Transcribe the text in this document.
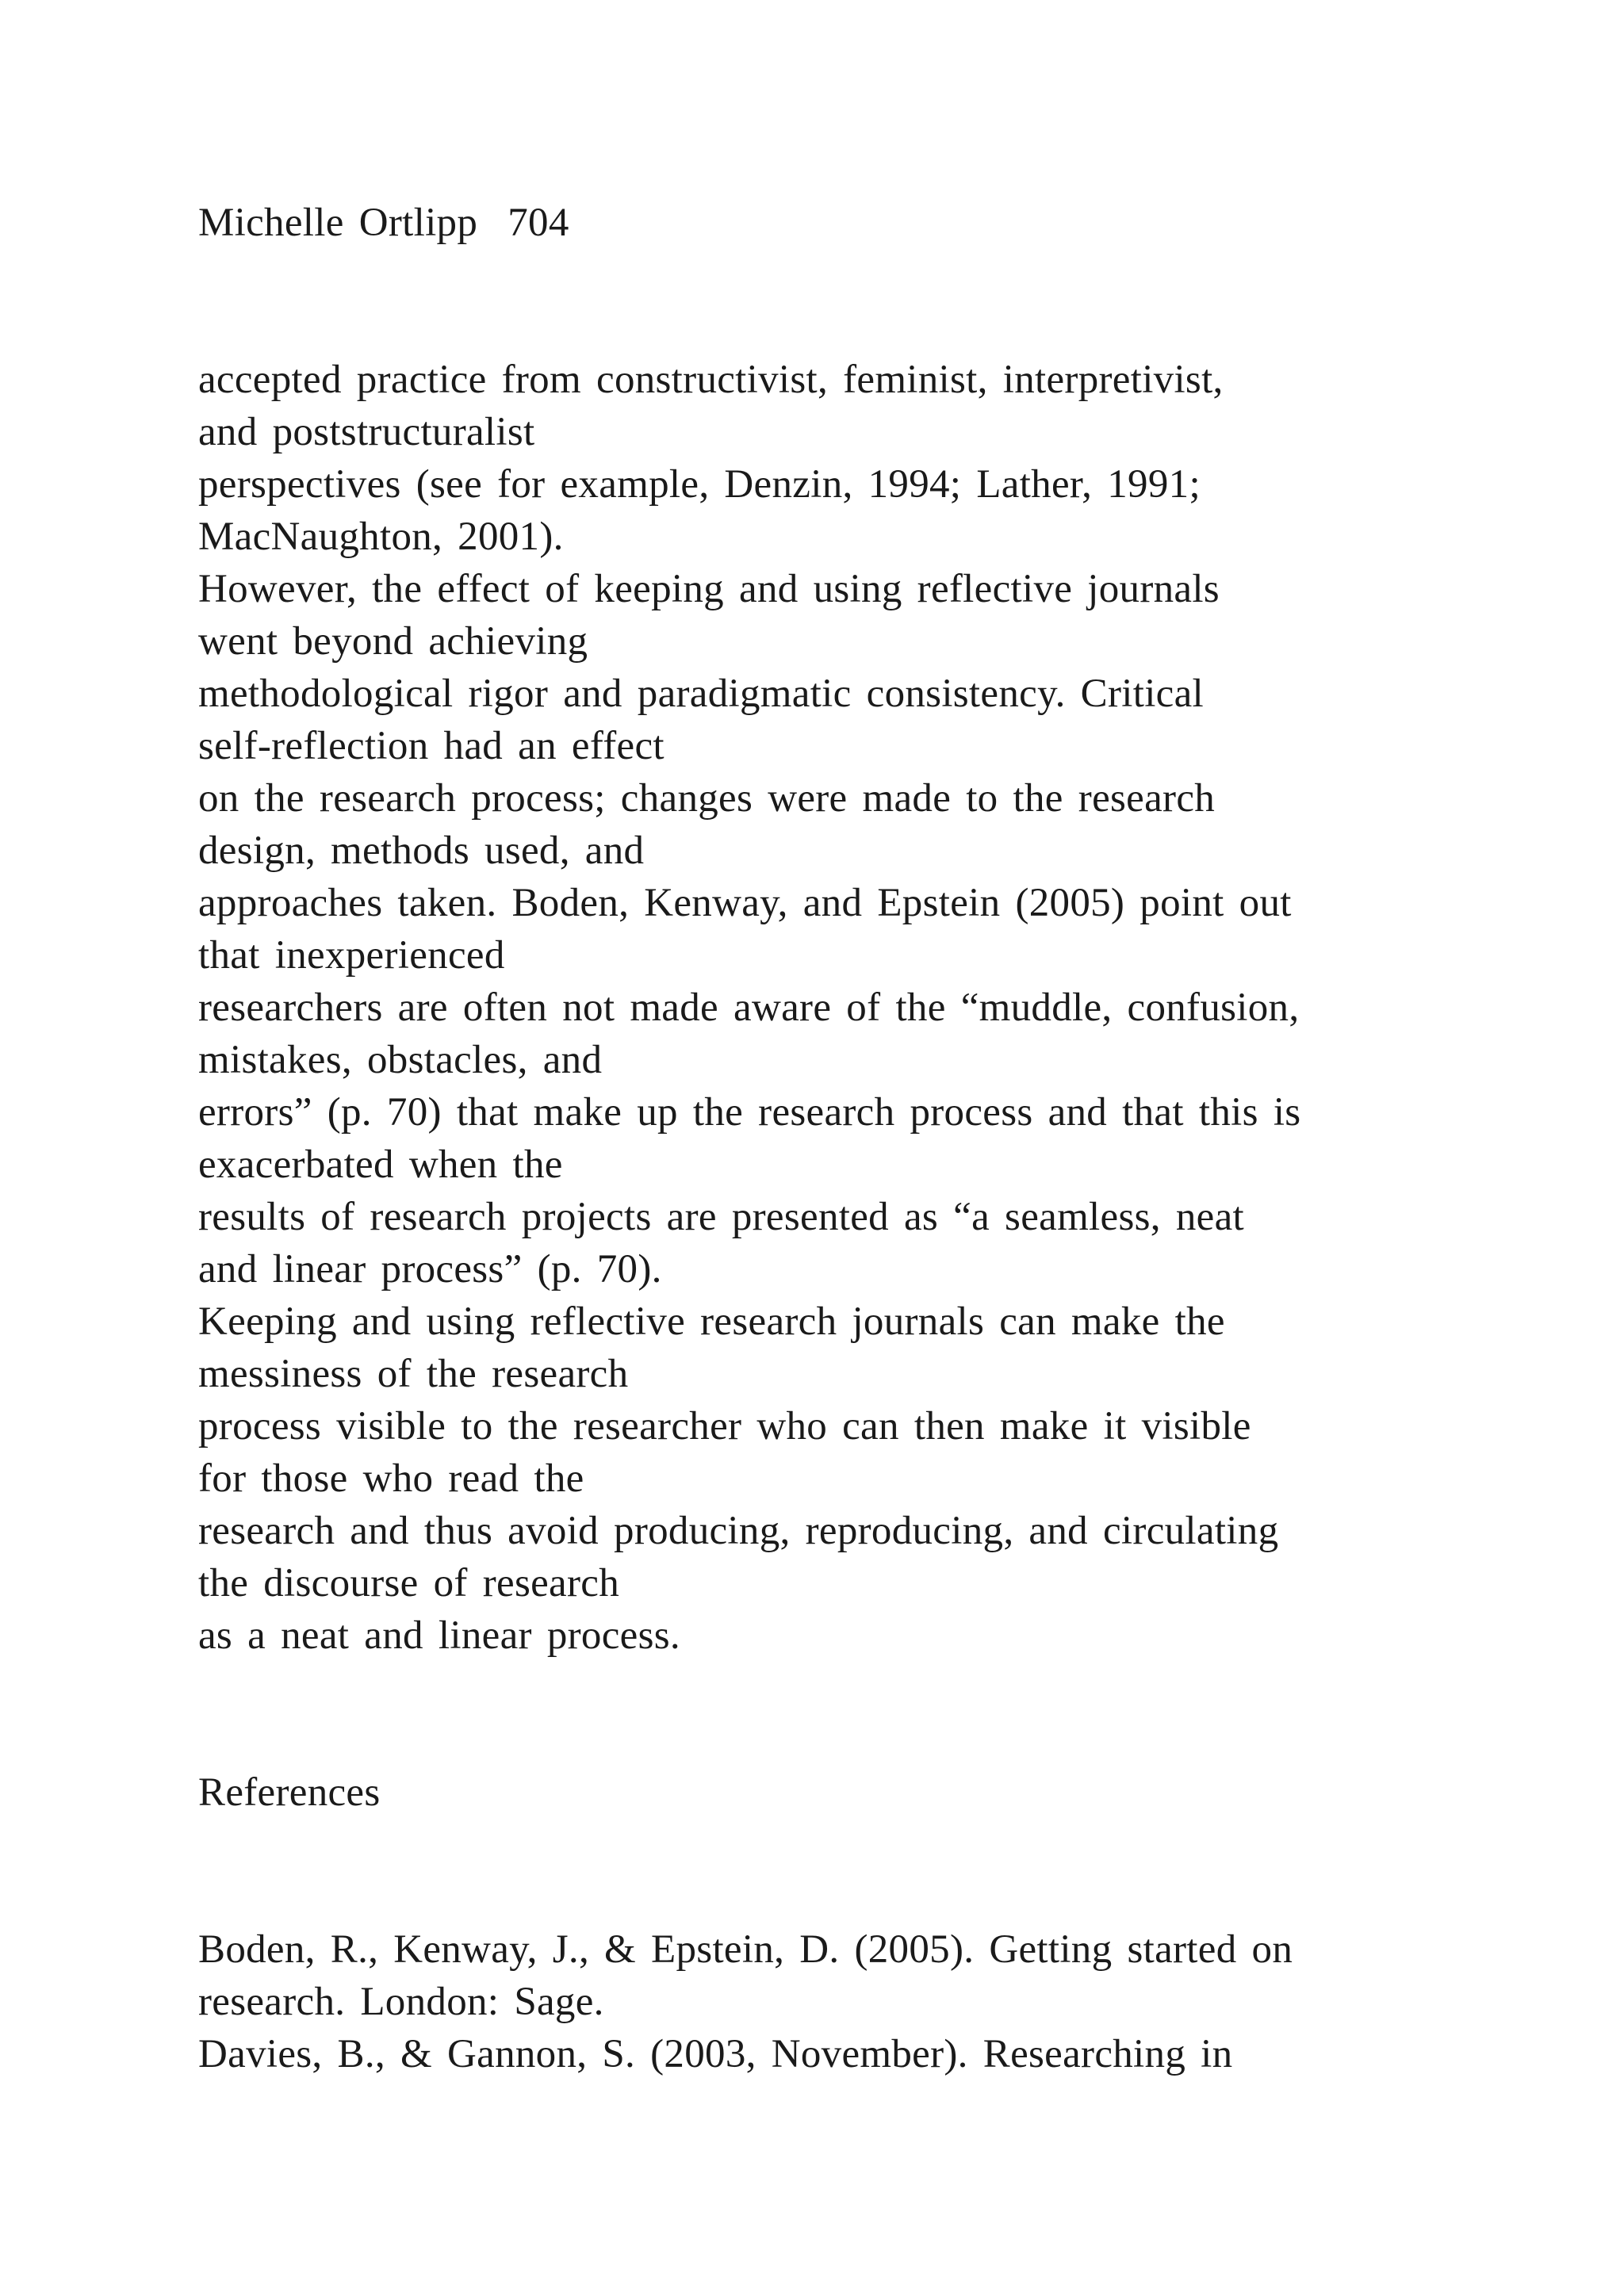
Michelle Ortlipp  704
accepted practice from constructivist, feminist, interpretivist,
and poststructuralist
perspectives (see for example, Denzin, 1994; Lather, 1991;
MacNaughton, 2001).
However, the effect of keeping and using reflective journals
went beyond achieving
methodological rigor and paradigmatic consistency. Critical
self-reflection had an effect
on the research process; changes were made to the research
design, methods used, and
approaches taken. Boden, Kenway, and Epstein (2005) point out
that inexperienced
researchers are often not made aware of the “muddle, confusion,
mistakes, obstacles, and
errors” (p. 70) that make up the research process and that this is
exacerbated when the
results of research projects are presented as “a seamless, neat
and linear process” (p. 70).
Keeping and using reflective research journals can make the
messiness of the research
process visible to the researcher who can then make it visible
for those who read the
research and thus avoid producing, reproducing, and circulating
the discourse of research
as a neat and linear process.
References
Boden, R., Kenway, J., & Epstein, D. (2005). Getting started on
research. London: Sage.
Davies, B., & Gannon, S. (2003, November). Researching in
